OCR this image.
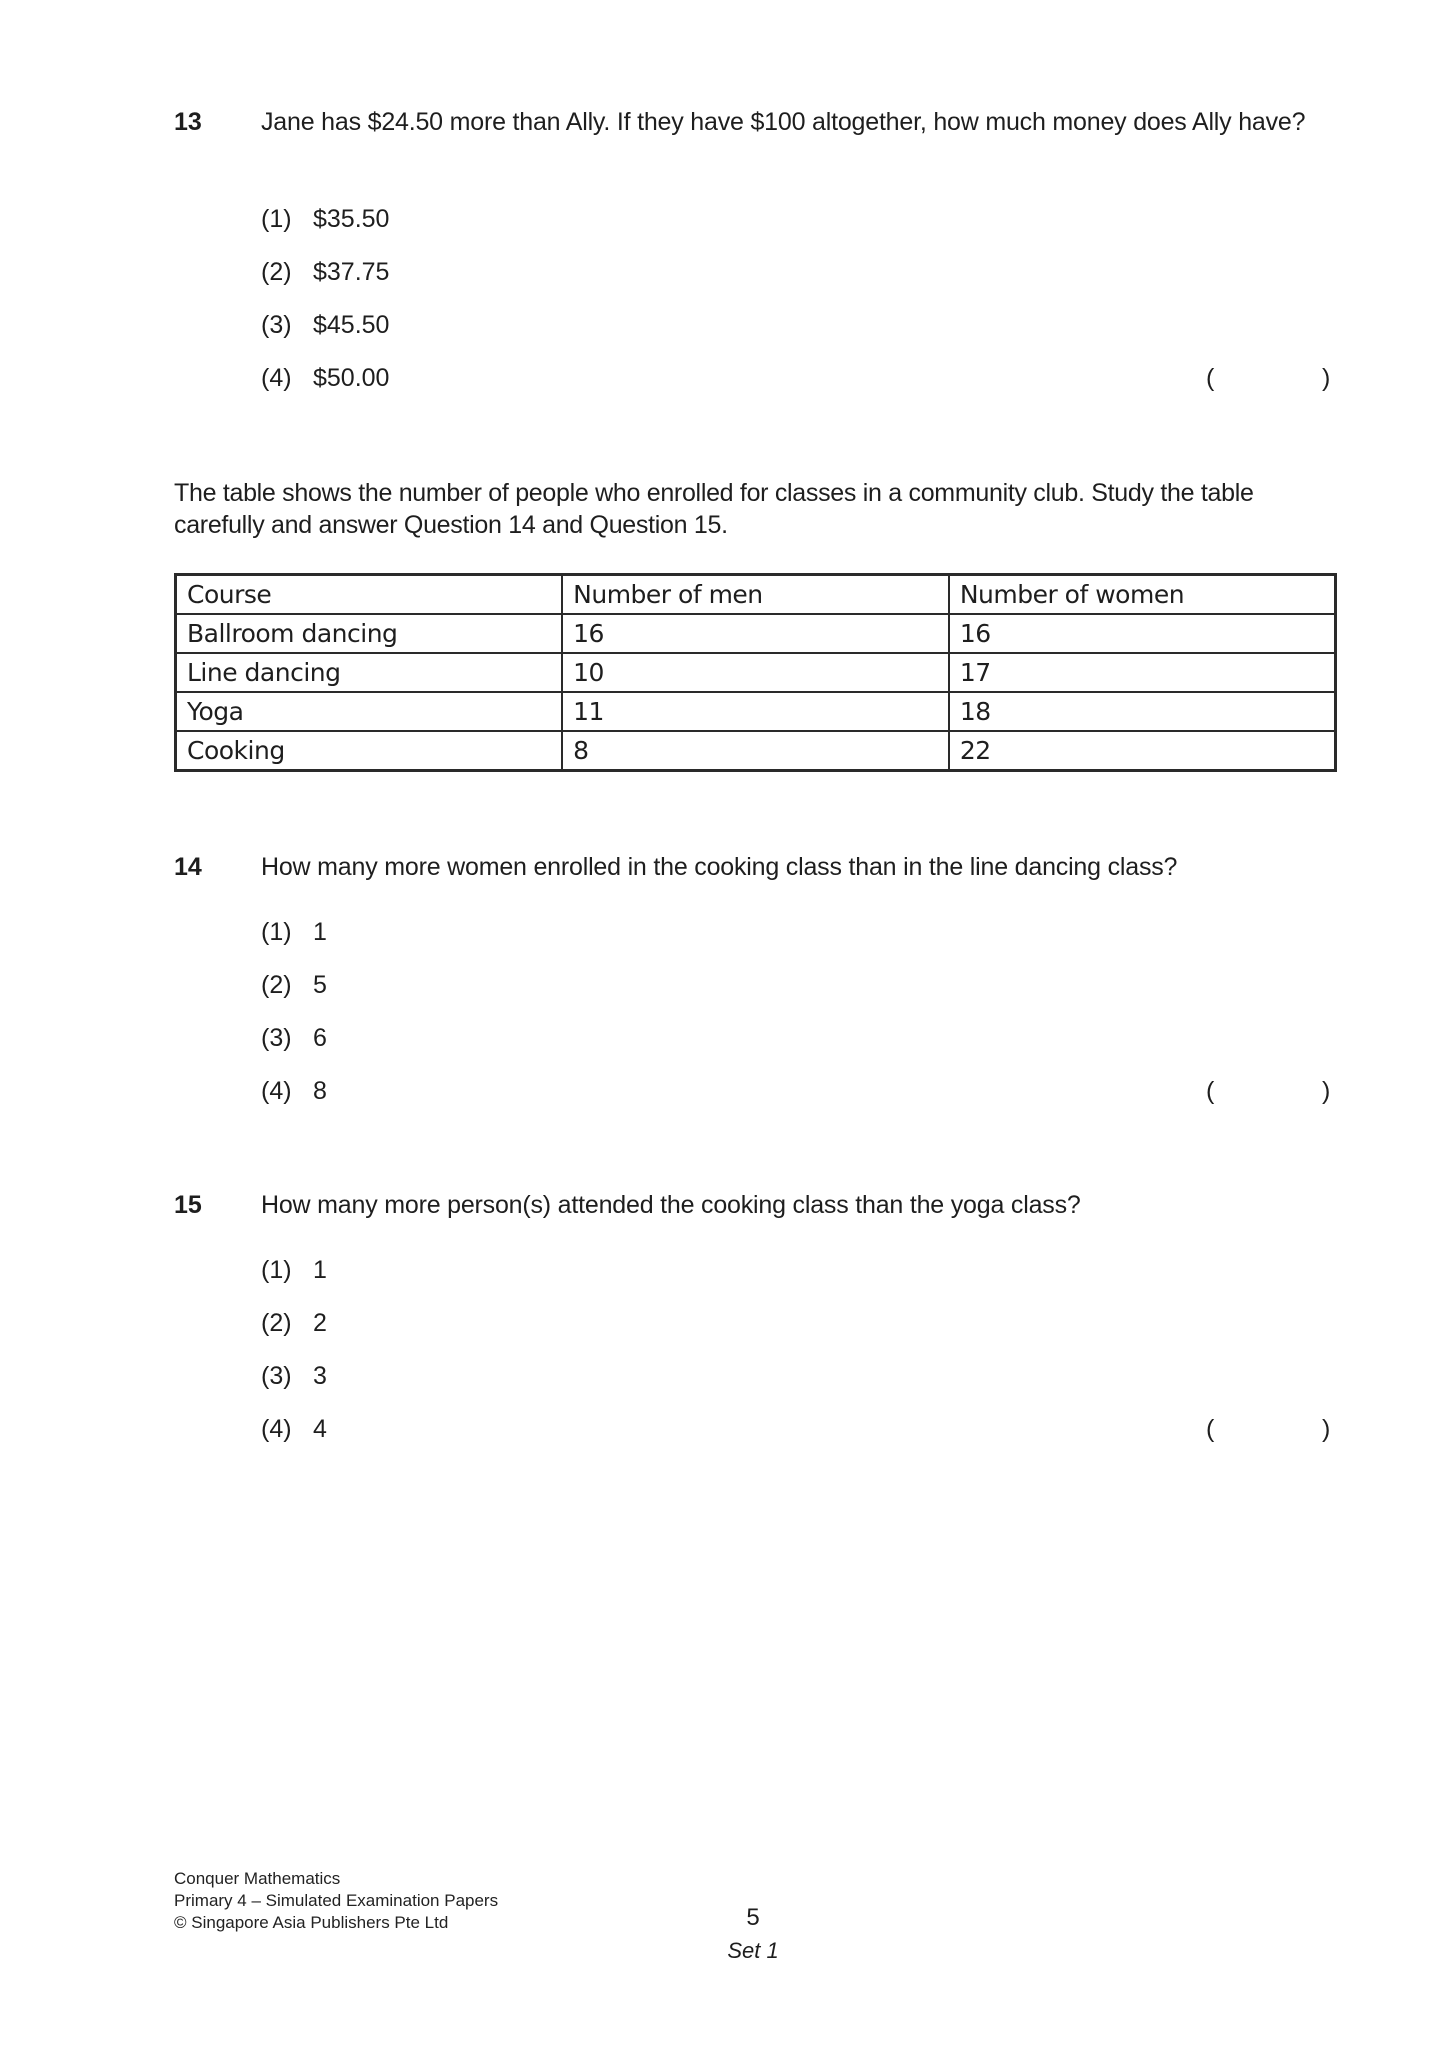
13 Jane has $24.50 more than Ally. If they have $100 altogether, how much money does Ally have?
(1) $35.50
(2) $37.75
(3) $45.50
(4) $50.00	(	)
The table shows the number of people who enrolled for classes in a community club. Study the table carefully and answer Question 14 and Question 15.
Course	Number of men	Number of women
Ballroom dancing	16	16
Line dancing	10	17
Yoga	11	18
Cooking	8	22
14 How many more women enrolled in the cooking class than in the line dancing class?
(1) 1
(2) 5
(3) 6
(4) 8	(	)
15 How many more person(s) attended the cooking class than the yoga class?
(1) 1
(2) 2
(3) 3
(4) 4	(	)
Conquer Mathematics
Primary 4 – Simulated Examination Papers
© Singapore Asia Publishers Pte Ltd	5
Set 1
